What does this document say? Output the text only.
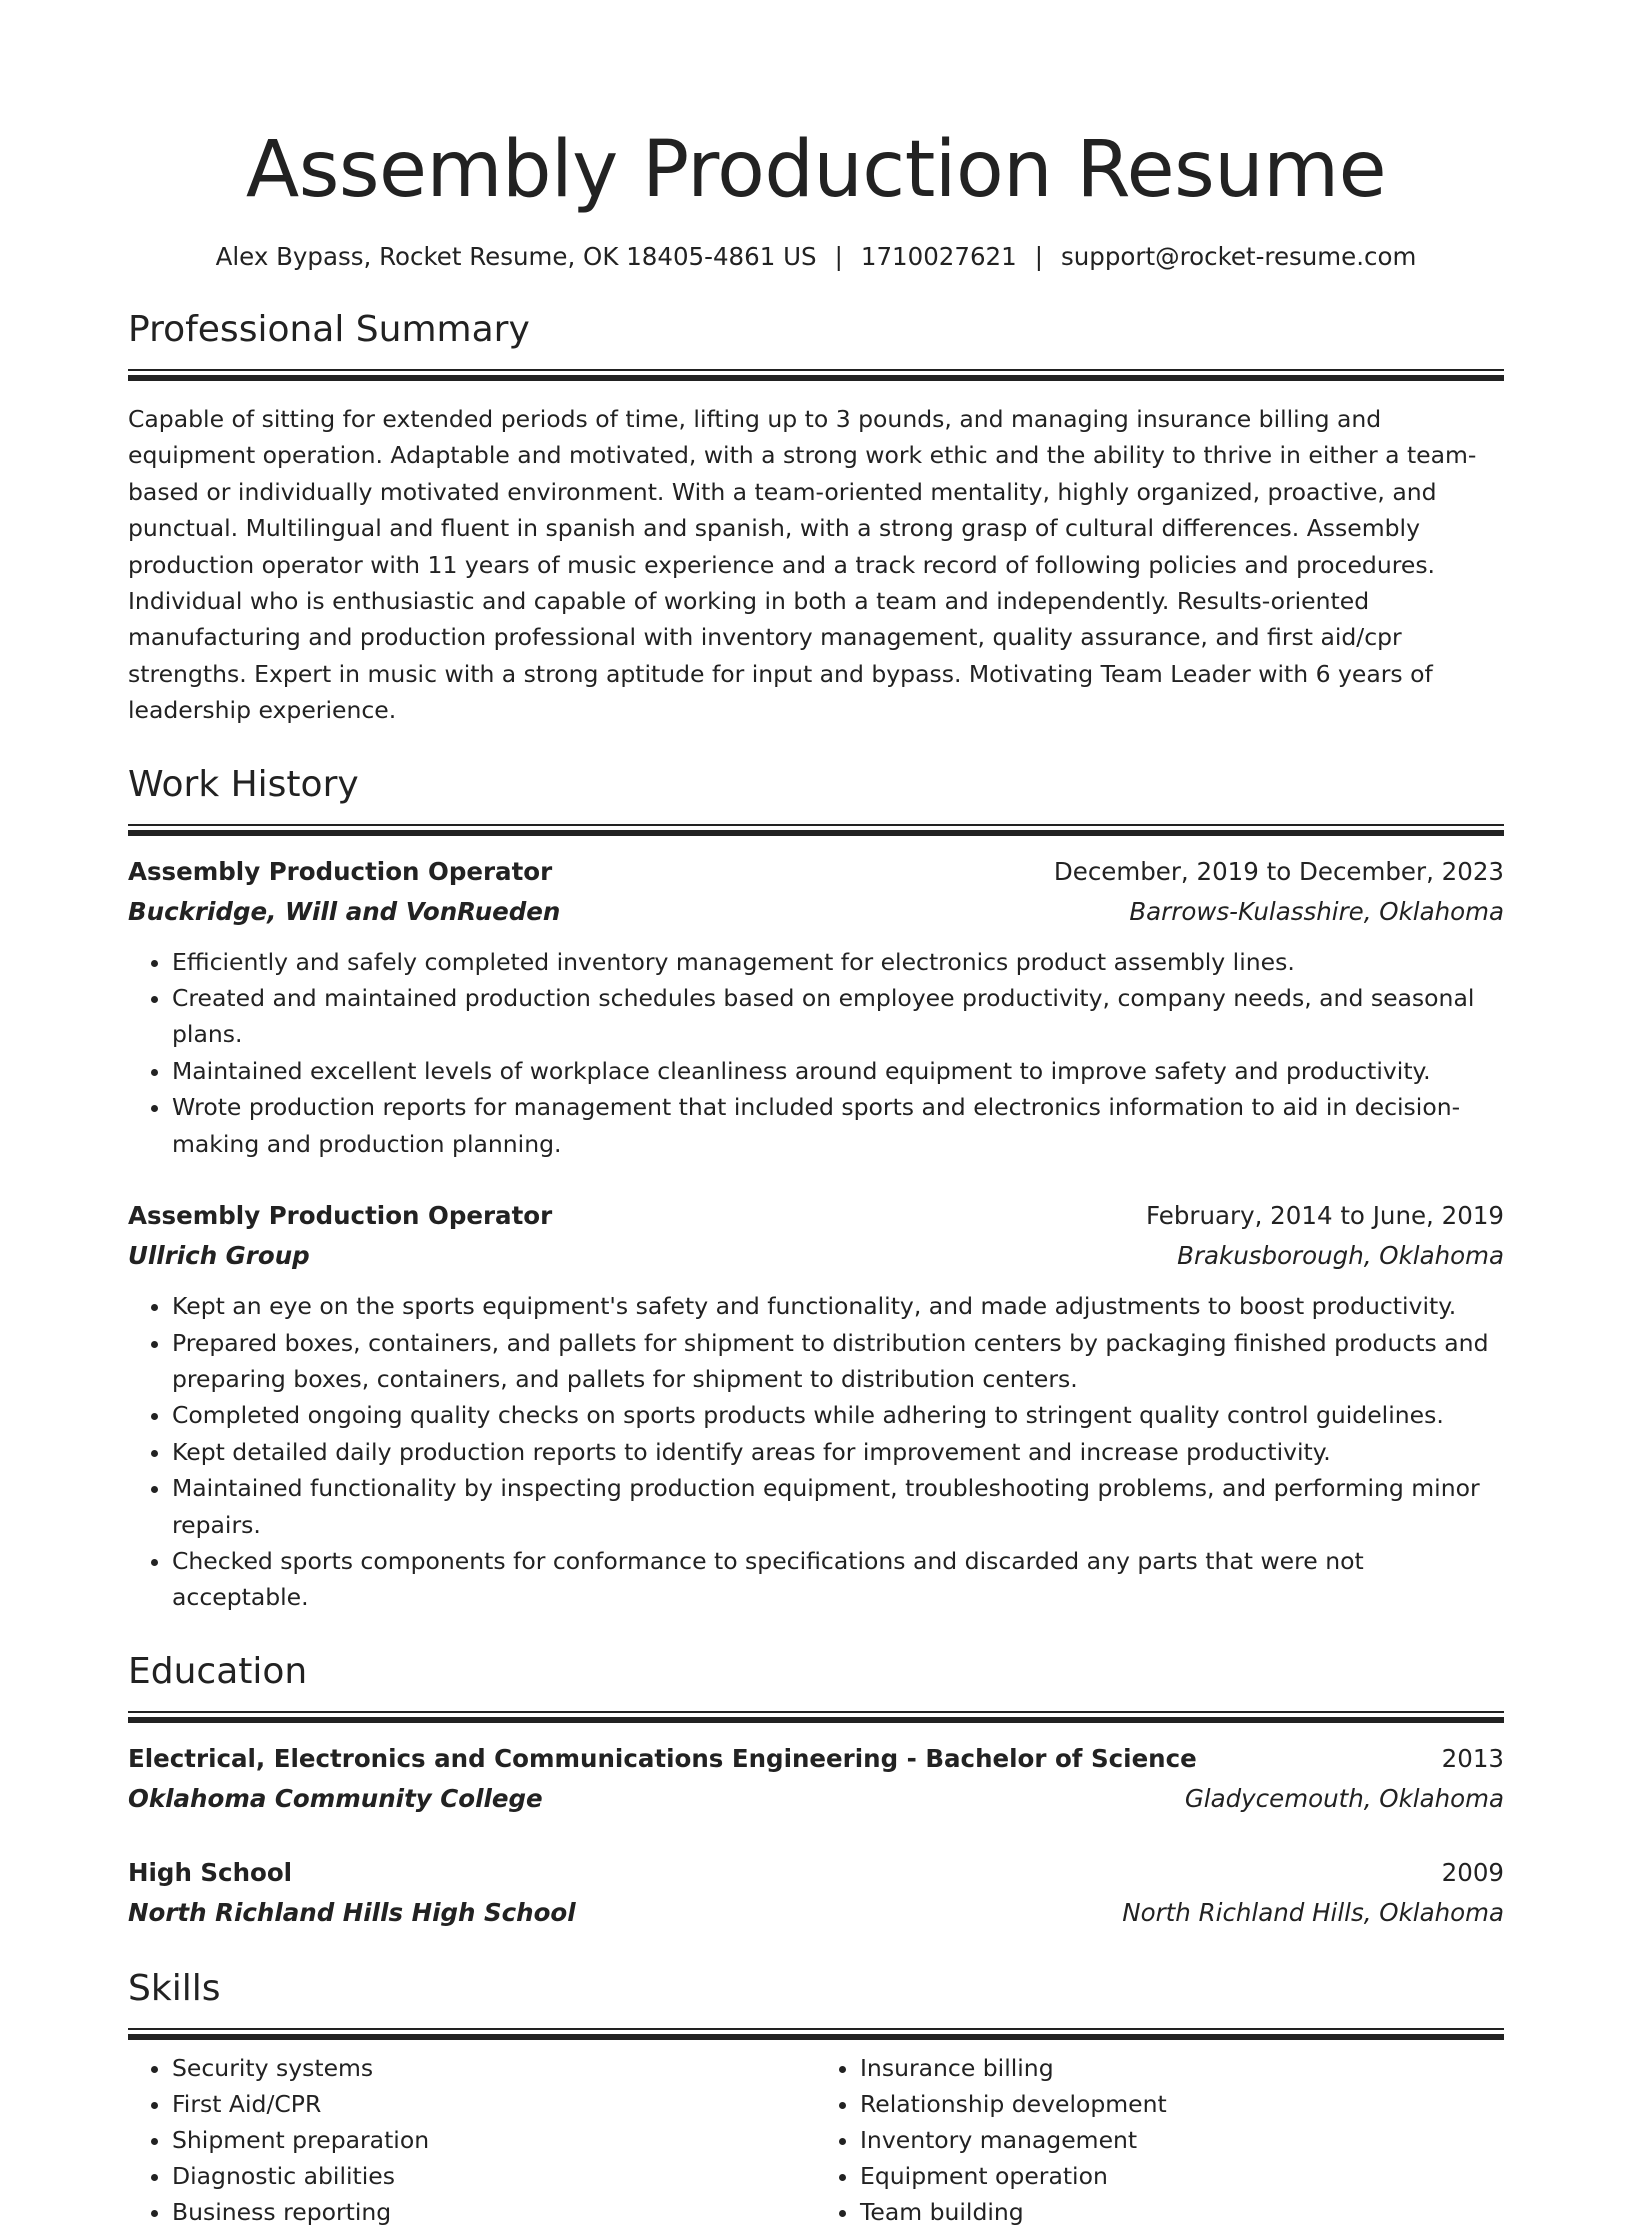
Assembly Production Resume
Alex Bypass, Rocket Resume, OK 18405-4861 US | 1710027621 | support@rocket-resume.com
Professional Summary

Capable of sitting for extended periods of time, lifting up to 3 pounds, and managing insurance billing and equipment operation. Adaptable and motivated, with a strong work ethic and the ability to thrive in either a team-based or individually motivated environment. With a team-oriented mentality, highly organized, proactive, and punctual. Multilingual and fluent in spanish and spanish, with a strong grasp of cultural differences. Assembly production operator with 11 years of music experience and a track record of following policies and procedures. Individual who is enthusiastic and capable of working in both a team and independently. Results-oriented manufacturing and production professional with inventory management, quality assurance, and first aid/cpr strengths. Expert in music with a strong aptitude for input and bypass. Motivating Team Leader with 6 years of leadership experience.

Work History
Assembly Production Operator	December, 2019 to December, 2023
Buckridge, Will and VonRueden	Barrows-Kulasshire, Oklahoma
• Efficiently and safely completed inventory management for electronics product assembly lines.
• Created and maintained production schedules based on employee productivity, company needs, and seasonal plans.
• Maintained excellent levels of workplace cleanliness around equipment to improve safety and productivity.
• Wrote production reports for management that included sports and electronics information to aid in decision-making and production planning.
Assembly Production Operator	February, 2014 to June, 2019
Ullrich Group	Brakusborough, Oklahoma
• Kept an eye on the sports equipment's safety and functionality, and made adjustments to boost productivity.
• Prepared boxes, containers, and pallets for shipment to distribution centers by packaging finished products and preparing boxes, containers, and pallets for shipment to distribution centers.
• Completed ongoing quality checks on sports products while adhering to stringent quality control guidelines.
• Kept detailed daily production reports to identify areas for improvement and increase productivity.
• Maintained functionality by inspecting production equipment, troubleshooting problems, and performing minor repairs.
• Checked sports components for conformance to specifications and discarded any parts that were not acceptable.
Education
Electrical, Electronics and Communications Engineering - Bachelor of Science	2013
Oklahoma Community College	Gladycemouth, Oklahoma
High School	2009
North Richland Hills High School	North Richland Hills, Oklahoma
Skills
• Security systems
• First Aid/CPR
• Shipment preparation
• Diagnostic abilities
• Business reporting
• Insurance billing
• Relationship development
• Inventory management
• Equipment operation
• Team building
